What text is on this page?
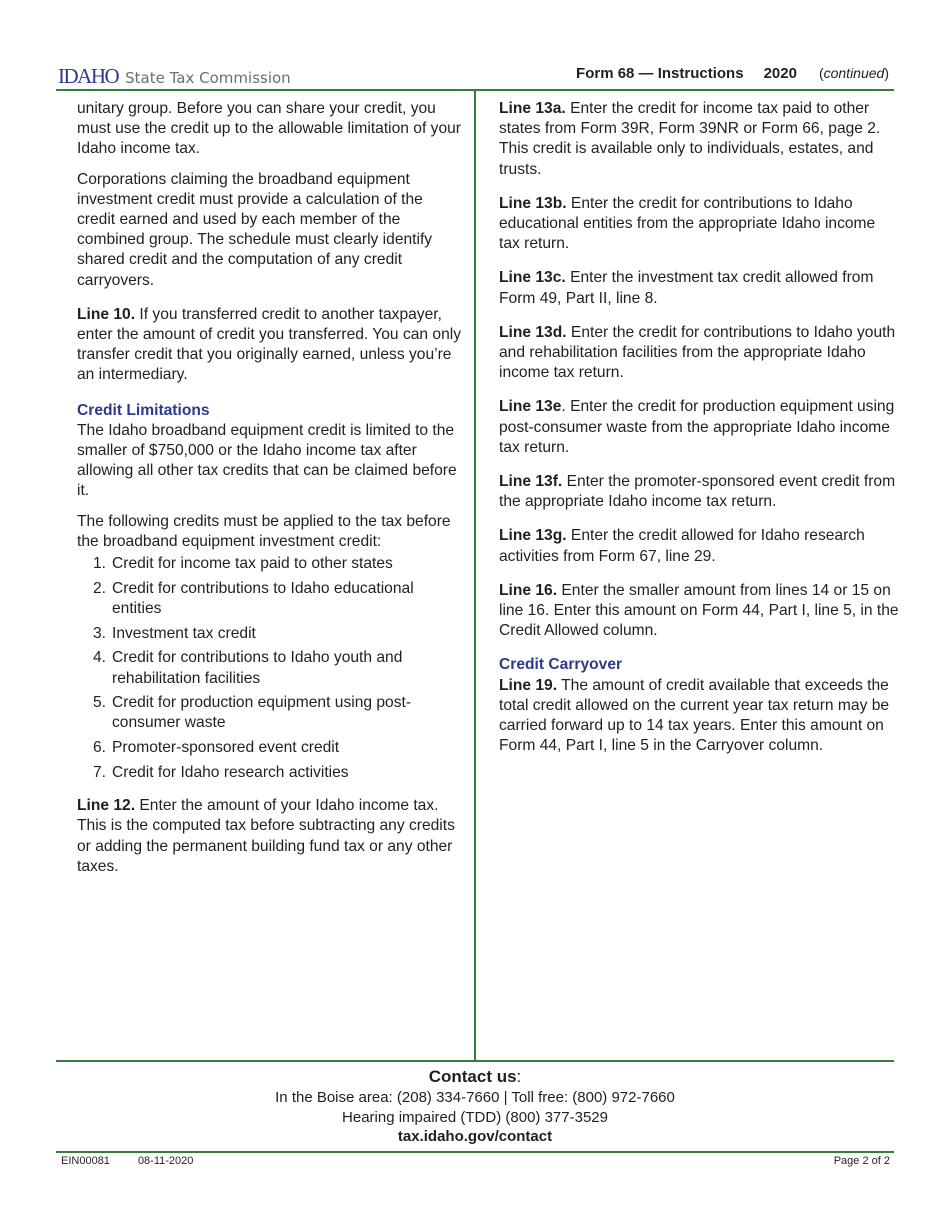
IDAHO State Tax Commission	Form 68 — Instructions 2020 (continued)

unitary group. Before you can share your credit, you must use the credit up to the allowable limitation of your Idaho income tax.

Corporations claiming the broadband equipment investment credit must provide a calculation of the credit earned and used by each member of the combined group. The schedule must clearly identify shared credit and the computation of any credit carryovers.

Line 10. If you transferred credit to another taxpayer, enter the amount of credit you transferred. You can only transfer credit that you originally earned, unless you’re an intermediary.

Credit Limitations

The Idaho broadband equipment credit is limited to the smaller of $750,000 or the Idaho income tax after allowing all other tax credits that can be claimed before it.

The following credits must be applied to the tax before the broadband equipment investment credit:

1. Credit for income tax paid to other states
2. Credit for contributions to Idaho educational entities
3. Investment tax credit
4. Credit for contributions to Idaho youth and rehabilitation facilities
5. Credit for production equipment using post-consumer waste
6. Promoter-sponsored event credit
7. Credit for Idaho research activities

Line 12. Enter the amount of your Idaho income tax. This is the computed tax before subtracting any credits or adding the permanent building fund tax or any other taxes.

Line 13a. Enter the credit for income tax paid to other states from Form 39R, Form 39NR or Form 66, page 2. This credit is available only to individuals, estates, and trusts.

Line 13b. Enter the credit for contributions to Idaho educational entities from the appropriate Idaho income tax return.

Line 13c. Enter the investment tax credit allowed from Form 49, Part II, line 8.

Line 13d. Enter the credit for contributions to Idaho youth and rehabilitation facilities from the appropriate Idaho income tax return.

Line 13e. Enter the credit for production equipment using post-consumer waste from the appropriate Idaho income tax return.

Line 13f. Enter the promoter-sponsored event credit from the appropriate Idaho income tax return.

Line 13g. Enter the credit allowed for Idaho research activities from Form 67, line 29.

Line 16. Enter the smaller amount from lines 14 or 15 on line 16. Enter this amount on Form 44, Part I, line 5, in the Credit Allowed column.

Credit Carryover

Line 19. The amount of credit available that exceeds the total credit allowed on the current year tax return may be carried forward up to 14 tax years. Enter this amount on Form 44, Part I, line 5 in the Carryover column.

Contact us:
In the Boise area: (208) 334-7660 | Toll free: (800) 972-7660
Hearing impaired (TDD) (800) 377-3529
tax.idaho.gov/contact
EIN00081	08-11-2020	Page 2 of 2
